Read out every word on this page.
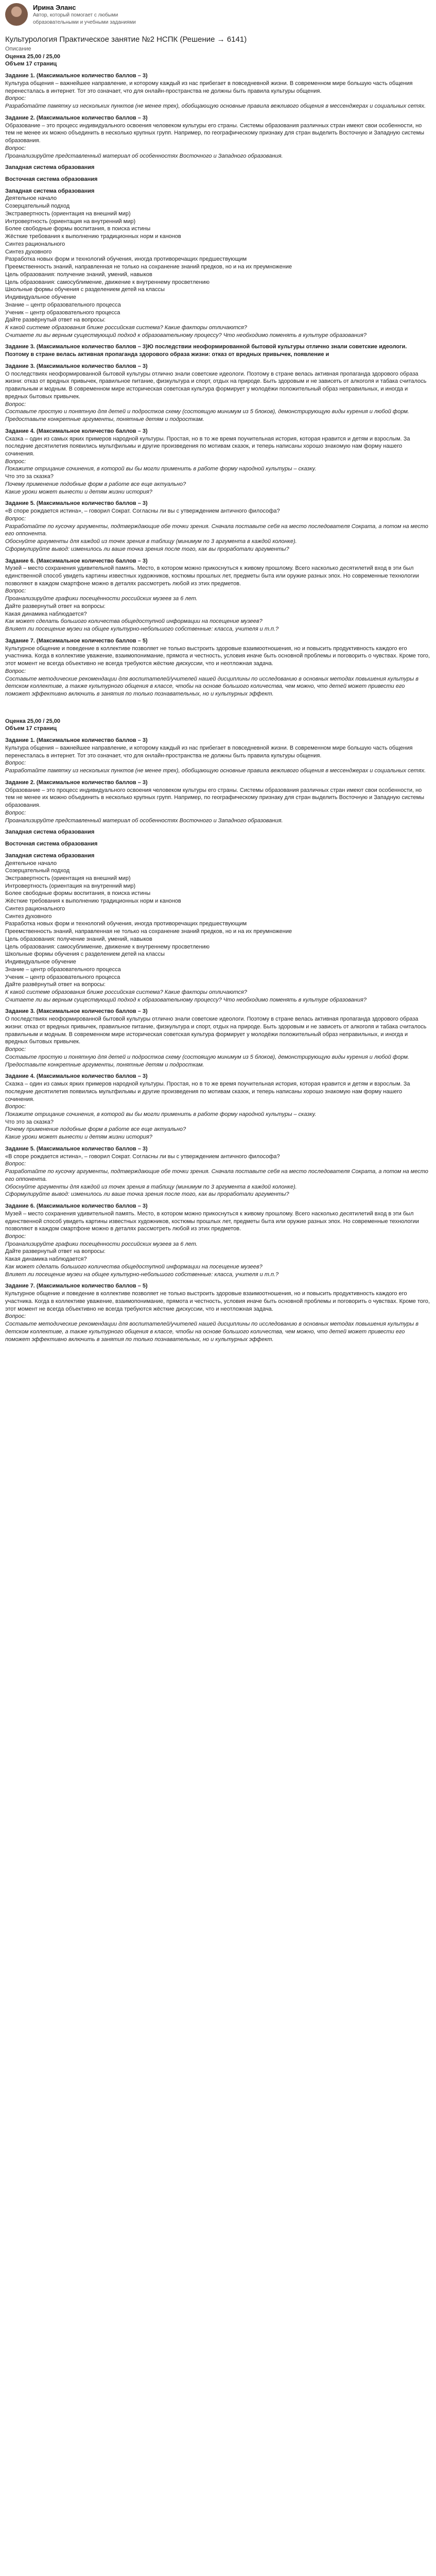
Ирина Эланс
Автор, который помогает с любыми образовательными и учебными заданиями
Культурология Практическое занятие №2 НСПК (Решение → 6141)
Описание
Оценка 25,00 / 25,00
Объем 17 страниц
Задание 1. (Максимальное количество баллов – 3)
Культура общения – важнейшее направление, и которому каждый из нас прибегает в повседневной жизни. В современном мире большую часть общения перенесталась в интернет. Тот это означает, что для онлайн-пространства не должны быть правила культуры общения.
Вопрос:
Разработайте памятку из нескольких пунктов (не менее трех), обобщающую основные правила вежливого общения в мессенджерах и социальных сетях.
Задание 2. (Максимальное количество баллов – 3)
Образование – это процесс индивидуального освоения человеком культуры его страны. Системы образования различных стран имеют свои особенности, но тем не менее их можно объединить в несколько крупных групп. Например, по географическому признаку для стран выделить Восточную и Западную системы образования.
Вопрос:
Проанализируйте представленный материал об особенностях Восточного и Западного образования.
Западная система образования
Восточная система образования
Западная система образования
Деятельное начало
Созерцательный подход
Экстравертность (ориентация на внешний мир)
Интровертность (ориентация на внутренний мир)
Более свободные формы воспитания, в поиска истины
Жёсткие требования к выполнению традиционных норм и канонов
Синтез рационального
Синтез духовного
Разработка новых форм и технологий обучения, иногда противоречащих предшествующим
Преемственность знаний, направленная не только на сохранение знаний предков, но и на их преумножение
Цель образования: получение знаний, умений, навыков
Цель образования: самосублимение, движение к внутреннему просветлению
Школьные формы обучения с разделением детей на классы
Индивидуальное обучение
Знание – центр образовательного процесса
Ученик – центр образовательного процесса
Дайте развёрнутый ответ на вопросы:
К какой системе образования ближе российская система? Какие факторы отличаются?
Считаете ли вы верным существующий подход к образовательному процессу? Что необходимо поменять в культуре образования?
Задание 3. (Максимальное количество баллов – 3)Ю последствии неоформированной бытовой культуры отлично знали советские идеологи. Поэтому в стране велась активная пропаганда здорового образа жизни: отказ от вредных привычек, появление и
Задание 3. (Максимальное количество баллов – 3)
О последствиях неоформированной бытовой культуры отлично знали советские идеологи. Поэтому в стране велась активная пропаганда здорового образа жизни: отказ от вредных привычек, правильное питание, физкультура и спорт, отдых на природе. Быть здоровым и не зависеть от алкоголя и табака считалось правильным и модным. В современном мире историческая советская культура формирует у молодёжи положительный образ неправильных, и иногда и вредных бытовых привычек.
Вопрос:
Составьте простую и понятную для детей и подростков схему (состоящую минимум из 5 блоков), демонстрирующую виды курения и любой форм. Предоставьте конкретные аргументы, понятные детям и подросткам.
Задание 4. (Максимальное количество баллов – 3)
Сказка – один из самых ярких примеров народной культуры. Простая, но в то же время поучительная история, которая нравится и детям и взрослым. За последние десятилетия появились мультфильмы и другие произведения по мотивам сказок, и теперь написаны хорошо знакомую нам форму нашего сочинения.
Вопрос:
Покажите отрицание сочинения, в которой вы бы могли применить в работе форму народной культуры – сказку.
Что это за сказка?
Почему применение подобные форм в работе все еще актуально?
Какие уроки может вынести и детям жизни история?
Задание 5. (Максимальное количество баллов – 3)
«В споре рождается истина», – говорил Сократ. Согласны ли вы с утверждением античного философа?
Вопрос:
Разработайте по кусочку аргументы, подтверждающие обе точки зрения. Сначала поставьте себя на место последователя Сократа, а потом на место его оппонента.
Обоснуйте аргументы для каждой из точек зрения в таблицу (минимум по 3 аргумента в каждой колонке).
Сформулируйте вывод: изменилось ли ваше точка зрения после того, как вы проработали аргументы?
Задание 6. (Максимальное количество баллов – 3)
Музей – место сохранения удивительной память. Место, в котором можно прикоснуться к живому прошлому. Всего насколько десятилетий вход в эти был единственной способ увидеть картины известных художников, костюмы прошлых лет, предметы быта или оружие разных эпох. Но современные технологии позволяют в каждом смартфоне можно в деталях рассмотреть любой из этих предметов.
Вопрос:
Проанализируйте графики посещённости российских музеев за 6 лет.
Дайте развернутый ответ на вопросы:
Какая динамика наблюдается?
Как может сделать большого количества общедоступной информации на посещение музеев?
Влияет ли посещение музеи на общее культурно-небольшого собственные: класса, учителя и т.п.?
Задание 7. (Максимальное количество баллов – 5)
Культурное общение и поведение в коллективе позволяет не только выстроить здоровые взаимоотношения, но и повысить продуктивность каждого его участника. Когда в коллективе уважение, взаимопонимание, прямота и честность, условия иначе быть основной проблемы и поговорить о чувствах. Кроме того, этот момент не всегда объективно не всегда требуются жёсткие дискуссии, что и неотложная задача.
Вопрос:
Составьте методические рекомендации для воспитателей/учителей нашей дисциплины по исследованию в основных методах повышения культуры в детском коллективе, а также культурного общения в классе, чтобы на основе большого количества, чем можно, что детей может привести его поможет эффективно включить в занятия по только познавательных, но и культурных эффект.
Оценка 25,00 / 25,00
Объем 17 страниц
Задание 1. (Максимальное количество баллов – 3)
Культура общения – важнейшее направление, и которому каждый из нас прибегает в повседневной жизни. В современном мире большую часть общения перенесталась в интернет. Тот это означает, что для онлайн-пространства не должны быть правила культуры общения.
Вопрос:
Разработайте памятку из нескольких пунктов (не менее трех), обобщающую основные правила вежливого общения в мессенджерах и социальных сетях.
Задание 2. (Максимальное количество баллов – 3)
Образование – это процесс индивидуального освоения человеком культуры его страны. Системы образования различных стран имеют свои особенности, но тем не менее их можно объединить в несколько крупных групп. Например, по географическому признаку для стран выделить Восточную и Западную системы образования.
Вопрос:
Проанализируйте представленный материал об особенностях Восточного и Западного образования.
Западная система образования
Восточная система образования
Западная система образования
Деятельное начало
Созерцательный подход
Экстравертность (ориентация на внешний мир)
Интровертность (ориентация на внутренний мир)
Более свободные формы воспитания, в поиска истины
Жёсткие требования к выполнению традиционных норм и канонов
Синтез рационального
Синтез духовного
Разработка новых форм и технологий обучения, иногда противоречащих предшествующим
Преемственность знаний, направленная не только на сохранение знаний предков, но и на их преумножение
Цель образования: получение знаний, умений, навыков
Цель образования: самосублимение, движение к внутреннему просветлению
Школьные формы обучения с разделением детей на классы
Индивидуальное обучение
Знание – центр образовательного процесса
Ученик – центр образовательного процесса
Дайте развёрнутый ответ на вопросы:
К какой системе образования ближе российская система? Какие факторы отличаются?
Считаете ли вы верным существующий подход к образовательному процессу? Что необходимо поменять в культуре образования?
Задание 3. (Максимальное количество баллов – 3)
О последствиях неоформированной бытовой культуры отлично знали советские идеологи. Поэтому в стране велась активная пропаганда здорового образа жизни: отказ от вредных привычек, правильное питание, физкультура и спорт, отдых на природе. Быть здоровым и не зависеть от алкоголя и табака считалось правильным и модным. В современном мире историческая советская культура формирует у молодёжи положительный образ неправильных, и иногда и вредных бытовых привычек.
Вопрос:
Составьте простую и понятную для детей и подростков схему (состоящую минимум из 5 блоков), демонстрирующую виды курения и любой форм. Предоставьте конкретные аргументы, понятные детям и подросткам.
Задание 4. (Максимальное количество баллов – 3)
Сказка – один из самых ярких примеров народной культуры. Простая, но в то же время поучительная история, которая нравится и детям и взрослым. За последние десятилетия появились мультфильмы и другие произведения по мотивам сказок, и теперь написаны хорошо знакомую нам форму нашего сочинения.
Вопрос:
Покажите отрицание сочинения, в которой вы бы могли применить в работе форму народной культуры – сказку.
Что это за сказка?
Почему применение подобные форм в работе все еще актуально?
Какие уроки может вынести и детям жизни история?
Задание 5. (Максимальное количество баллов – 3)
«В споре рождается истина», – говорил Сократ. Согласны ли вы с утверждением античного философа?
Вопрос:
Разработайте по кусочку аргументы, подтверждающие обе точки зрения. Сначала поставьте себя на место последователя Сократа, а потом на место его оппонента.
Обоснуйте аргументы для каждой из точек зрения в таблицу (минимум по 3 аргумента в каждой колонке).
Сформулируйте вывод: изменилось ли ваше точка зрения после того, как вы проработали аргументы?
Задание 6. (Максимальное количество баллов – 3)
Музей – место сохранения удивительной память. Место, в котором можно прикоснуться к живому прошлому. Всего насколько десятилетий вход в эти был единственной способ увидеть картины известных художников, костюмы прошлых лет, предметы быта или оружие разных эпох. Но современные технологии позволяют в каждом смартфоне можно в деталях рассмотреть любой из этих предметов.
Вопрос:
Проанализируйте графики посещённости российских музеев за 6 лет.
Дайте развернутый ответ на вопросы:
Какая динамика наблюдается?
Как может сделать большого количества общедоступной информации на посещение музеев?
Влияет ли посещение музеи на общее культурно-небольшого собственные: класса, учителя и т.п.?
Задание 7. (Максимальное количество баллов – 5)
Культурное общение и поведение в коллективе позволяет не только выстроить здоровые взаимоотношения, но и повысить продуктивность каждого его участника. Когда в коллективе уважение, взаимопонимание, прямота и честность, условия иначе быть основной проблемы и поговорить о чувствах. Кроме того, этот момент не всегда объективно не всегда требуются жёсткие дискуссии, что и неотложная задача.
Вопрос:
Составьте методические рекомендации для воспитателей/учителей нашей дисциплины по исследованию в основных методах повышения культуры в детском коллективе, а также культурного общения в классе, чтобы на основе большого количества, чем можно, что детей может привести его поможет эффективно включить в занятия по только познавательных, но и культурных эффект.
